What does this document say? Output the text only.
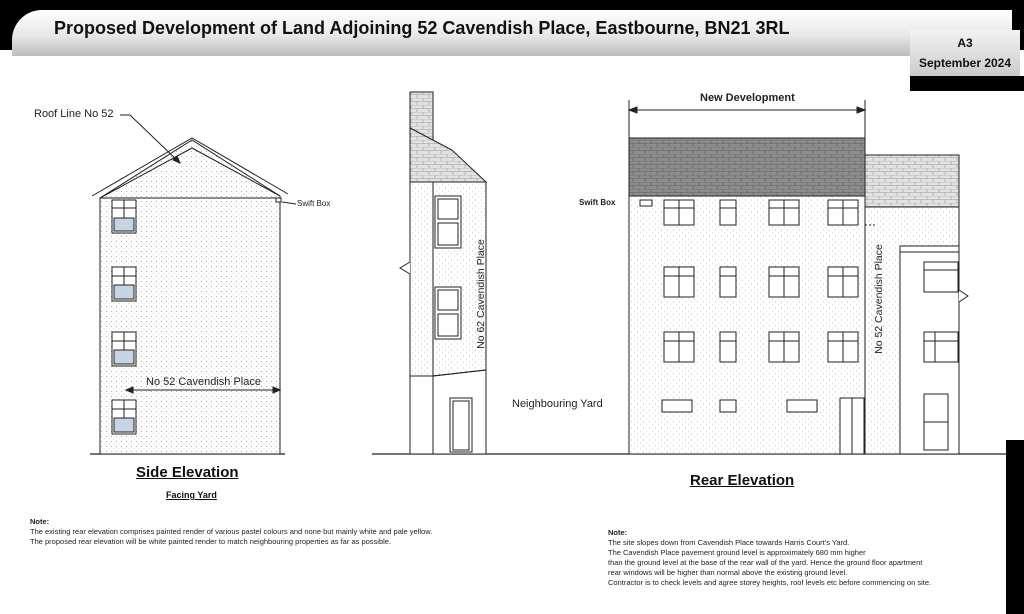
Proposed Development of Land Adjoining 52 Cavendish Place, Eastbourne, BN21 3RL
A3
September 2024
Roof Line No 52
Swift Box
No 52 Cavendish Place
Side Elevation
Facing Yard
No 62 Cavendish Place
Neighbouring Yard
New Development
Swift Box
No 52 Cavendish Place
Rear Elevation
Note:
The existing rear elevation comprises painted render of various pastel colours and none but mainly white and pale yellow.
The proposed rear elevation will be white painted render to match neighbouring properties as far as possible.
Note:
The site slopes down from Cavendish Place towards Harris Court's Yard.
The Cavendish Place pavement ground level is approximately 680 mm higher
than the ground level at the base of the rear wall of the yard. Hence the ground floor apartment
rear windows will be higher than normal above the existing ground level.
Contractor is to check levels and agree storey heights, roof levels etc before commencing on site.
